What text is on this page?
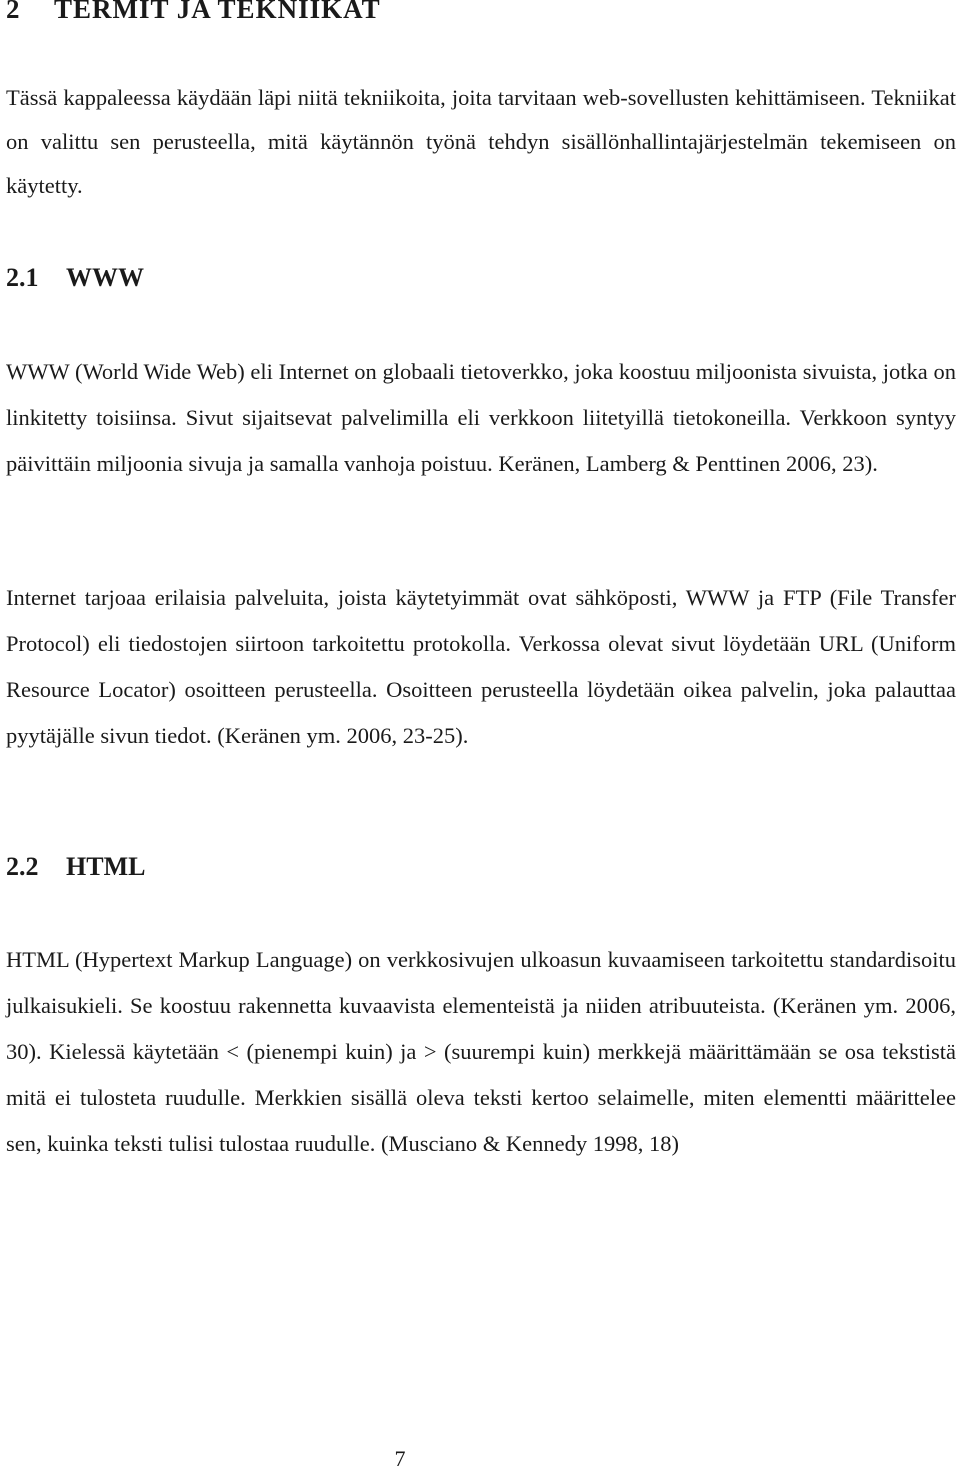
2 TERMIT JA TEKNIIKAT

Tässä kappaleessa käydään läpi niitä tekniikoita, joita tarvitaan web-sovellusten kehittämiseen. Tekniikat on valittu sen perusteella, mitä käytännön työnä tehdyn sisällönhallintajärjestelmän tekemiseen on käytetty.

2.1 WWW

WWW (World Wide Web) eli Internet on globaali tietoverkko, joka koostuu miljoonista sivuista, jotka on linkitetty toisiinsa. Sivut sijaitsevat palvelimilla eli verkkoon liitetyillä tietokoneilla. Verkkoon syntyy päivittäin miljoonia sivuja ja samalla vanhoja poistuu. Keränen, Lamberg & Penttinen 2006, 23).

Internet tarjoaa erilaisia palveluita, joista käytetyimmät ovat sähköposti, WWW ja FTP (File Transfer Protocol) eli tiedostojen siirtoon tarkoitettu protokolla. Verkossa olevat sivut löydetään URL (Uniform Resource Locator) osoitteen perusteella. Osoitteen perusteella löydetään oikea palvelin, joka palauttaa pyytäjälle sivun tiedot. (Keränen ym. 2006, 23-25).

2.2 HTML

HTML (Hypertext Markup Language) on verkkosivujen ulkoasun kuvaamiseen tarkoitettu standardisoitu julkaisukieli. Se koostuu rakennetta kuvaavista elementeistä ja niiden atribuuteista. (Keränen ym. 2006, 30). Kielessä käytetään < (pienempi kuin) ja > (suurempi kuin) merkkejä määrittämään se osa tekstistä mitä ei tulosteta ruudulle. Merkkien sisällä oleva teksti kertoo selaimelle, miten elementti määrittelee sen, kuinka teksti tulisi tulostaa ruudulle. (Musciano & Kennedy 1998, 18)

7
